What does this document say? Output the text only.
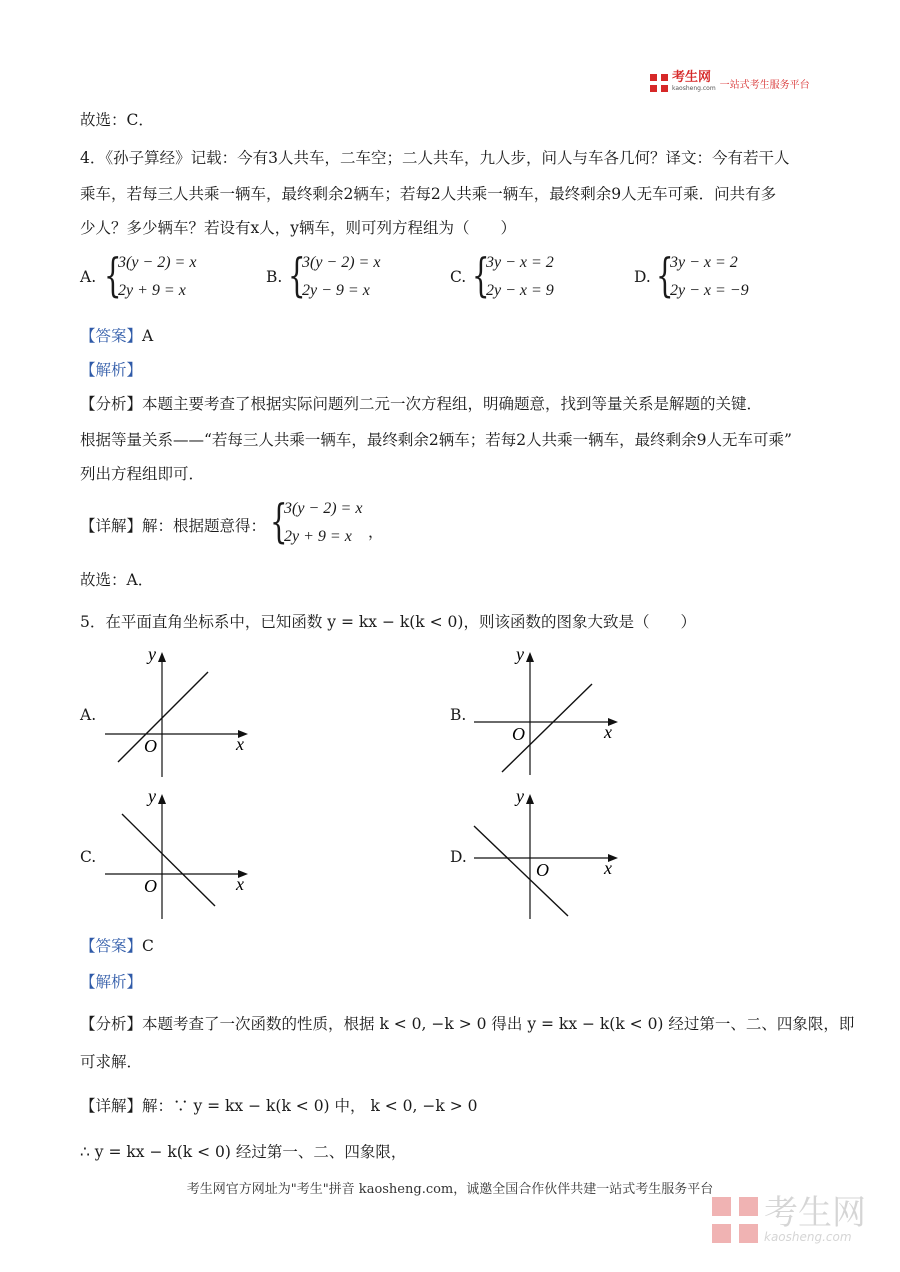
考生网
kaosheng.com 一站式考生服务平台
故选：C．
4．《孙子算经》记载：今有3人共车，二车空；二人共车，九人步，问人与车各几何？译文：今有若干人
乘车，若每三人共乘一辆车，最终剩余2辆车；若每2人共乘一辆车，最终剩余9人无车可乘．问共有多
少人？多少辆车？若设有x人，y辆车，则可列方程组为（　　）
A. {
3(y − 2) = x
2y + 9 = x
B. {
3(y − 2) = x
2y − 9 = x
C. {
3y − x = 2
2y − x = 9
D. {
3y − x = 2
2y − x = −9
【答案】A
【解析】
【分析】本题主要考查了根据实际问题列二元一次方程组，明确题意，找到等量关系是解题的关键．
根据等量关系——“若每三人共乘一辆车，最终剩余2辆车；若每2人共乘一辆车，最终剩余9人无车可乘”
列出方程组即可．
【详解】解：根据题意得： {
3(y − 2) = x
2y + 9 = x ，
故选：A．
5．在平面直角坐标系中，已知函数 y = kx − k(k < 0)，则该函数的图象大致是（　　）
A.
y
x
O
B.
y
x
O
C.
y
x
O
D.
y
x
O
【答案】C
【解析】
【分析】本题考查了一次函数的性质，根据 k < 0, −k > 0 得出 y = kx − k(k < 0) 经过第一、二、四象限，即
可求解．
【详解】解：∵ y = kx − k(k < 0) 中， k < 0, −k > 0
∴ y = kx − k(k < 0) 经过第一、二、四象限，
考生网官方网址为"考生"拼音 kaosheng.com，诚邀全国合作伙伴共建一站式考生服务平台
考生网
kaosheng.com
